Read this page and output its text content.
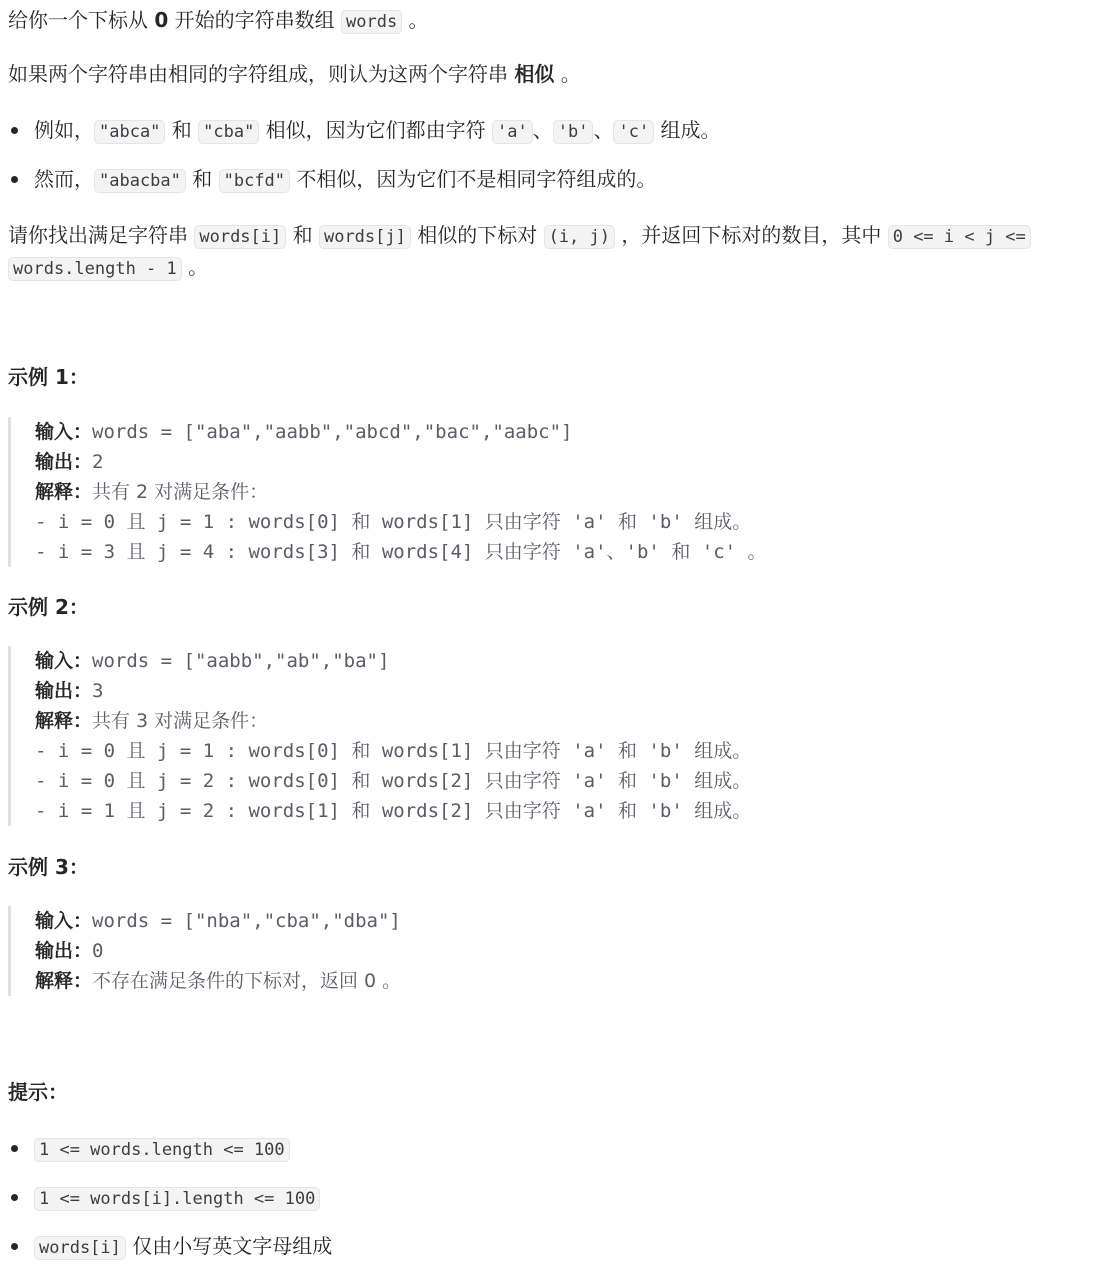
给你一个下标从 0 开始的字符串数组 words 。
如果两个字符串由相同的字符组成，则认为这两个字符串 相似 。
例如， "abca" 和 "cba" 相似，因为它们都由字符 'a' 、 'b' 、 'c' 组成。
然而， "abacba" 和 "bcfd" 不相似，因为它们不是相同字符组成的。
请你找出满足字符串 words[i] 和 words[j] 相似的下标对 (i, j) ，并返回下标对的数目，其中 0 <= i < j <=
words.length - 1 。
示例 1：
输入：words = ["aba","aabb","abcd","bac","aabc"]
输出：2
解释：共有 2 对满足条件：
- i = 0 且 j = 1 : words[0] 和 words[1] 只由字符 'a' 和 'b' 组成。
- i = 3 且 j = 4 : words[3] 和 words[4] 只由字符 'a'、'b' 和 'c' 。
示例 2：
输入：words = ["aabb","ab","ba"]
输出：3
解释：共有 3 对满足条件：
- i = 0 且 j = 1 : words[0] 和 words[1] 只由字符 'a' 和 'b' 组成。
- i = 0 且 j = 2 : words[0] 和 words[2] 只由字符 'a' 和 'b' 组成。
- i = 1 且 j = 2 : words[1] 和 words[2] 只由字符 'a' 和 'b' 组成。
示例 3：
输入：words = ["nba","cba","dba"]
输出：0
解释：不存在满足条件的下标对，返回 0 。
提示：
1 <= words.length <= 100
1 <= words[i].length <= 100
words[i] 仅由小写英文字母组成
